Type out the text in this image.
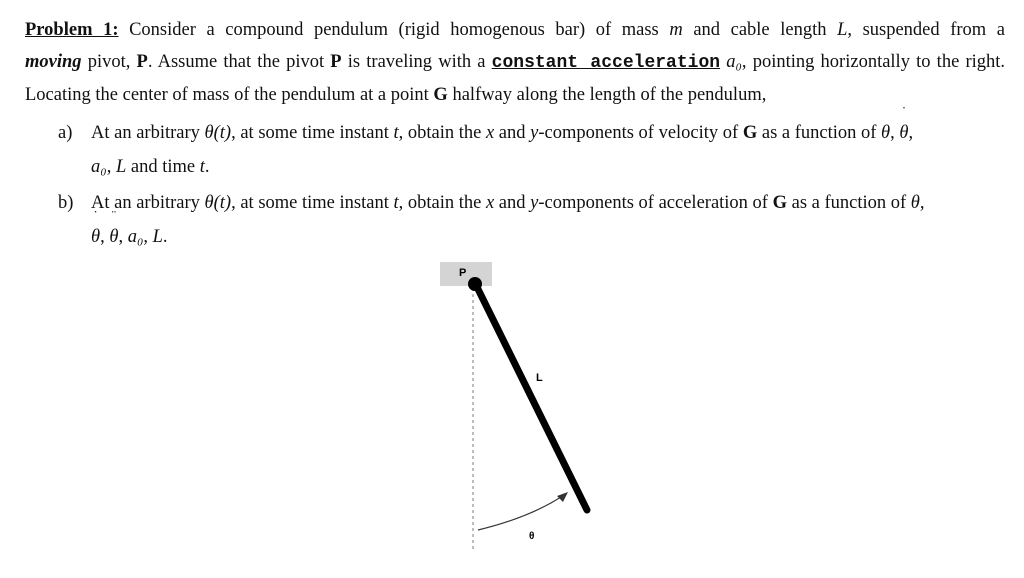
Problem 1: Consider a compound pendulum (rigid homogenous bar) of mass m and cable length L, suspended from a
moving pivot, P. Assume that the pivot P is traveling with a constant acceleration a₀, pointing horizontally to the right.
Locating the center of mass of the pendulum at a point G halfway along the length of the pendulum,
a) At an arbitrary θ(t), at some time instant t, obtain the x and y-components of velocity of G as a function of θ, ˙ θ,
a₀, L and time t.
b) At an arbitrary θ(t), at some time instant t, obtain the x and y-components of acceleration of G as a function of θ,
˙ θ, ¨ θ, a₀, L.
P
L
θ
